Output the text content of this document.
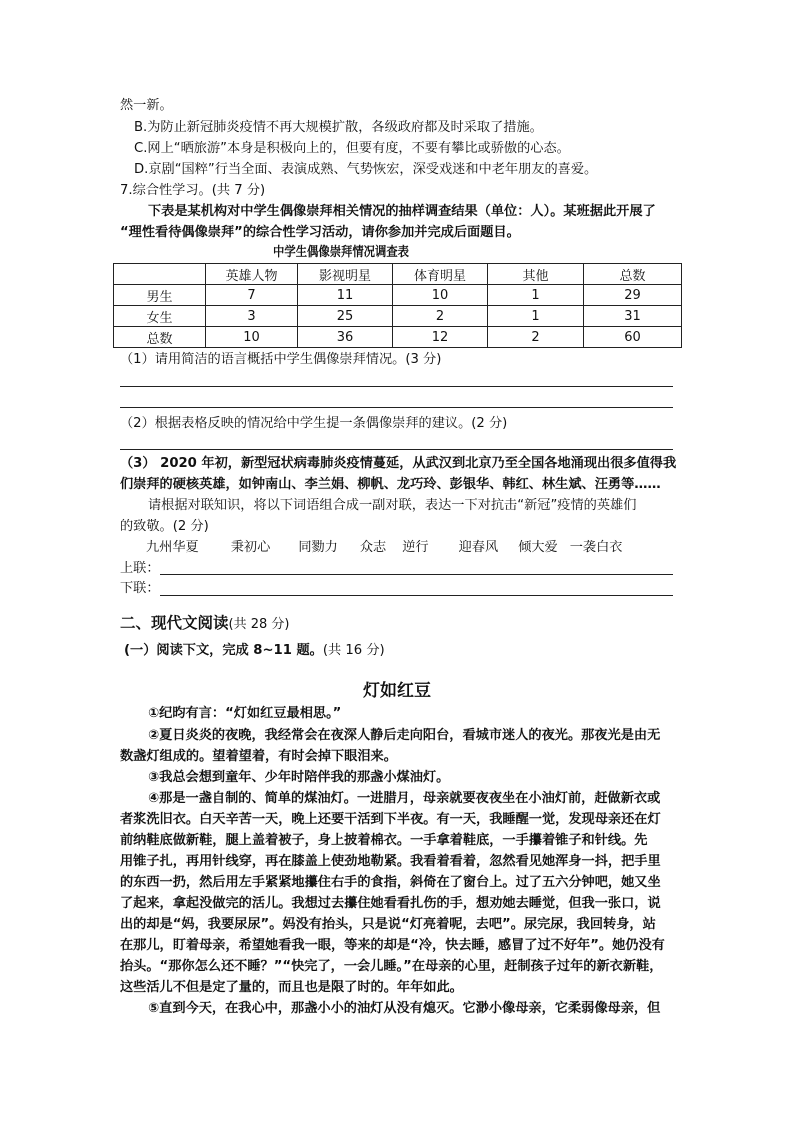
然一新。
B.为防止新冠肺炎疫情不再大规模扩散，各级政府都及时采取了措施。
C.网上“晒旅游”本身是积极向上的，但要有度，不要有攀比或骄傲的心态。
D.京剧“国粹”行当全面、表演成熟、气势恢宏，深受戏迷和中老年朋友的喜爱。
7.综合性学习。(共 7 分)
下表是某机构对中学生偶像崇拜相关情况的抽样调查结果（单位：人）。某班据此开展了
“理性看待偶像崇拜”的综合性学习活动，请你参加并完成后面题目。
中学生偶像崇拜情况调查表
	英雄人物	影视明星	体育明星	其他	总数
男生	7	11	10	1	29
女生	3	25	2	1	31
总数	10	36	12	2	60
（1）请用简洁的语言概括中学生偶像崇拜情况。(3 分)
（2）根据表格反映的情况给中学生提一条偶像崇拜的建议。(2 分)
（3） 2020 年初，新型冠状病毒肺炎疫情蔓延，从武汉到北京乃至全国各地涌现出很多值得我
们崇拜的硬核英雄，如钟南山、李兰娟、柳帆、龙巧玲、彭银华、韩红、林生斌、汪勇等……
请根据对联知识，将以下词语组合成一副对联，表达一下对抗击“新冠”疫情的英雄们
的致敬。(2 分)
九州华夏 秉初心 同勠力 众志 逆行 迎春风 倾大爱 一袭白衣
上联：
下联：
二、现代文阅读(共 28 分)
(一）阅读下文，完成 8~11 题。(共 16 分)
灯如红豆
①纪昀有言：“灯如红豆最相思。”
②夏日炎炎的夜晚，我经常会在夜深人静后走向阳台，看城市迷人的夜光。那夜光是由无
数盏灯组成的。望着望着，有时会掉下眼泪来。
③我总会想到童年、少年时陪伴我的那盏小煤油灯。
④那是一盏自制的、简单的煤油灯。一进腊月，母亲就要夜夜坐在小油灯前，赶做新衣或
者浆洗旧衣。白天辛苦一天，晚上还要干活到下半夜。有一天，我睡醒一觉，发现母亲还在灯
前纳鞋底做新鞋，腿上盖着被子，身上披着棉衣。一手拿着鞋底，一手攥着锥子和针线。先
用锥子扎，再用针线穿，再在膝盖上使劲地勒紧。我看着看着，忽然看见她浑身一抖，把手里
的东西一扔，然后用左手紧紧地攥住右手的食指，斜倚在了窗台上。过了五六分钟吧，她又坐
了起来，拿起没做完的活儿。我想过去攥住她看看扎伤的手，想劝她去睡觉，但我一张口，说
出的却是“妈，我要尿尿”。妈没有抬头，只是说“灯亮着呢，去吧”。尿完尿，我回转身，站
在那儿，盯着母亲，希望她看我一眼，等来的却是“冷，快去睡，感冒了过不好年”。她仍没有
抬头。“那你怎么还不睡？”“快完了，一会儿睡。”在母亲的心里，赶制孩子过年的新衣新鞋，
这些活儿不但是定了量的，而且也是限了时的。年年如此。
⑤直到今天，在我心中，那盏小小的油灯从没有熄灭。它渺小像母亲，它柔弱像母亲，但
